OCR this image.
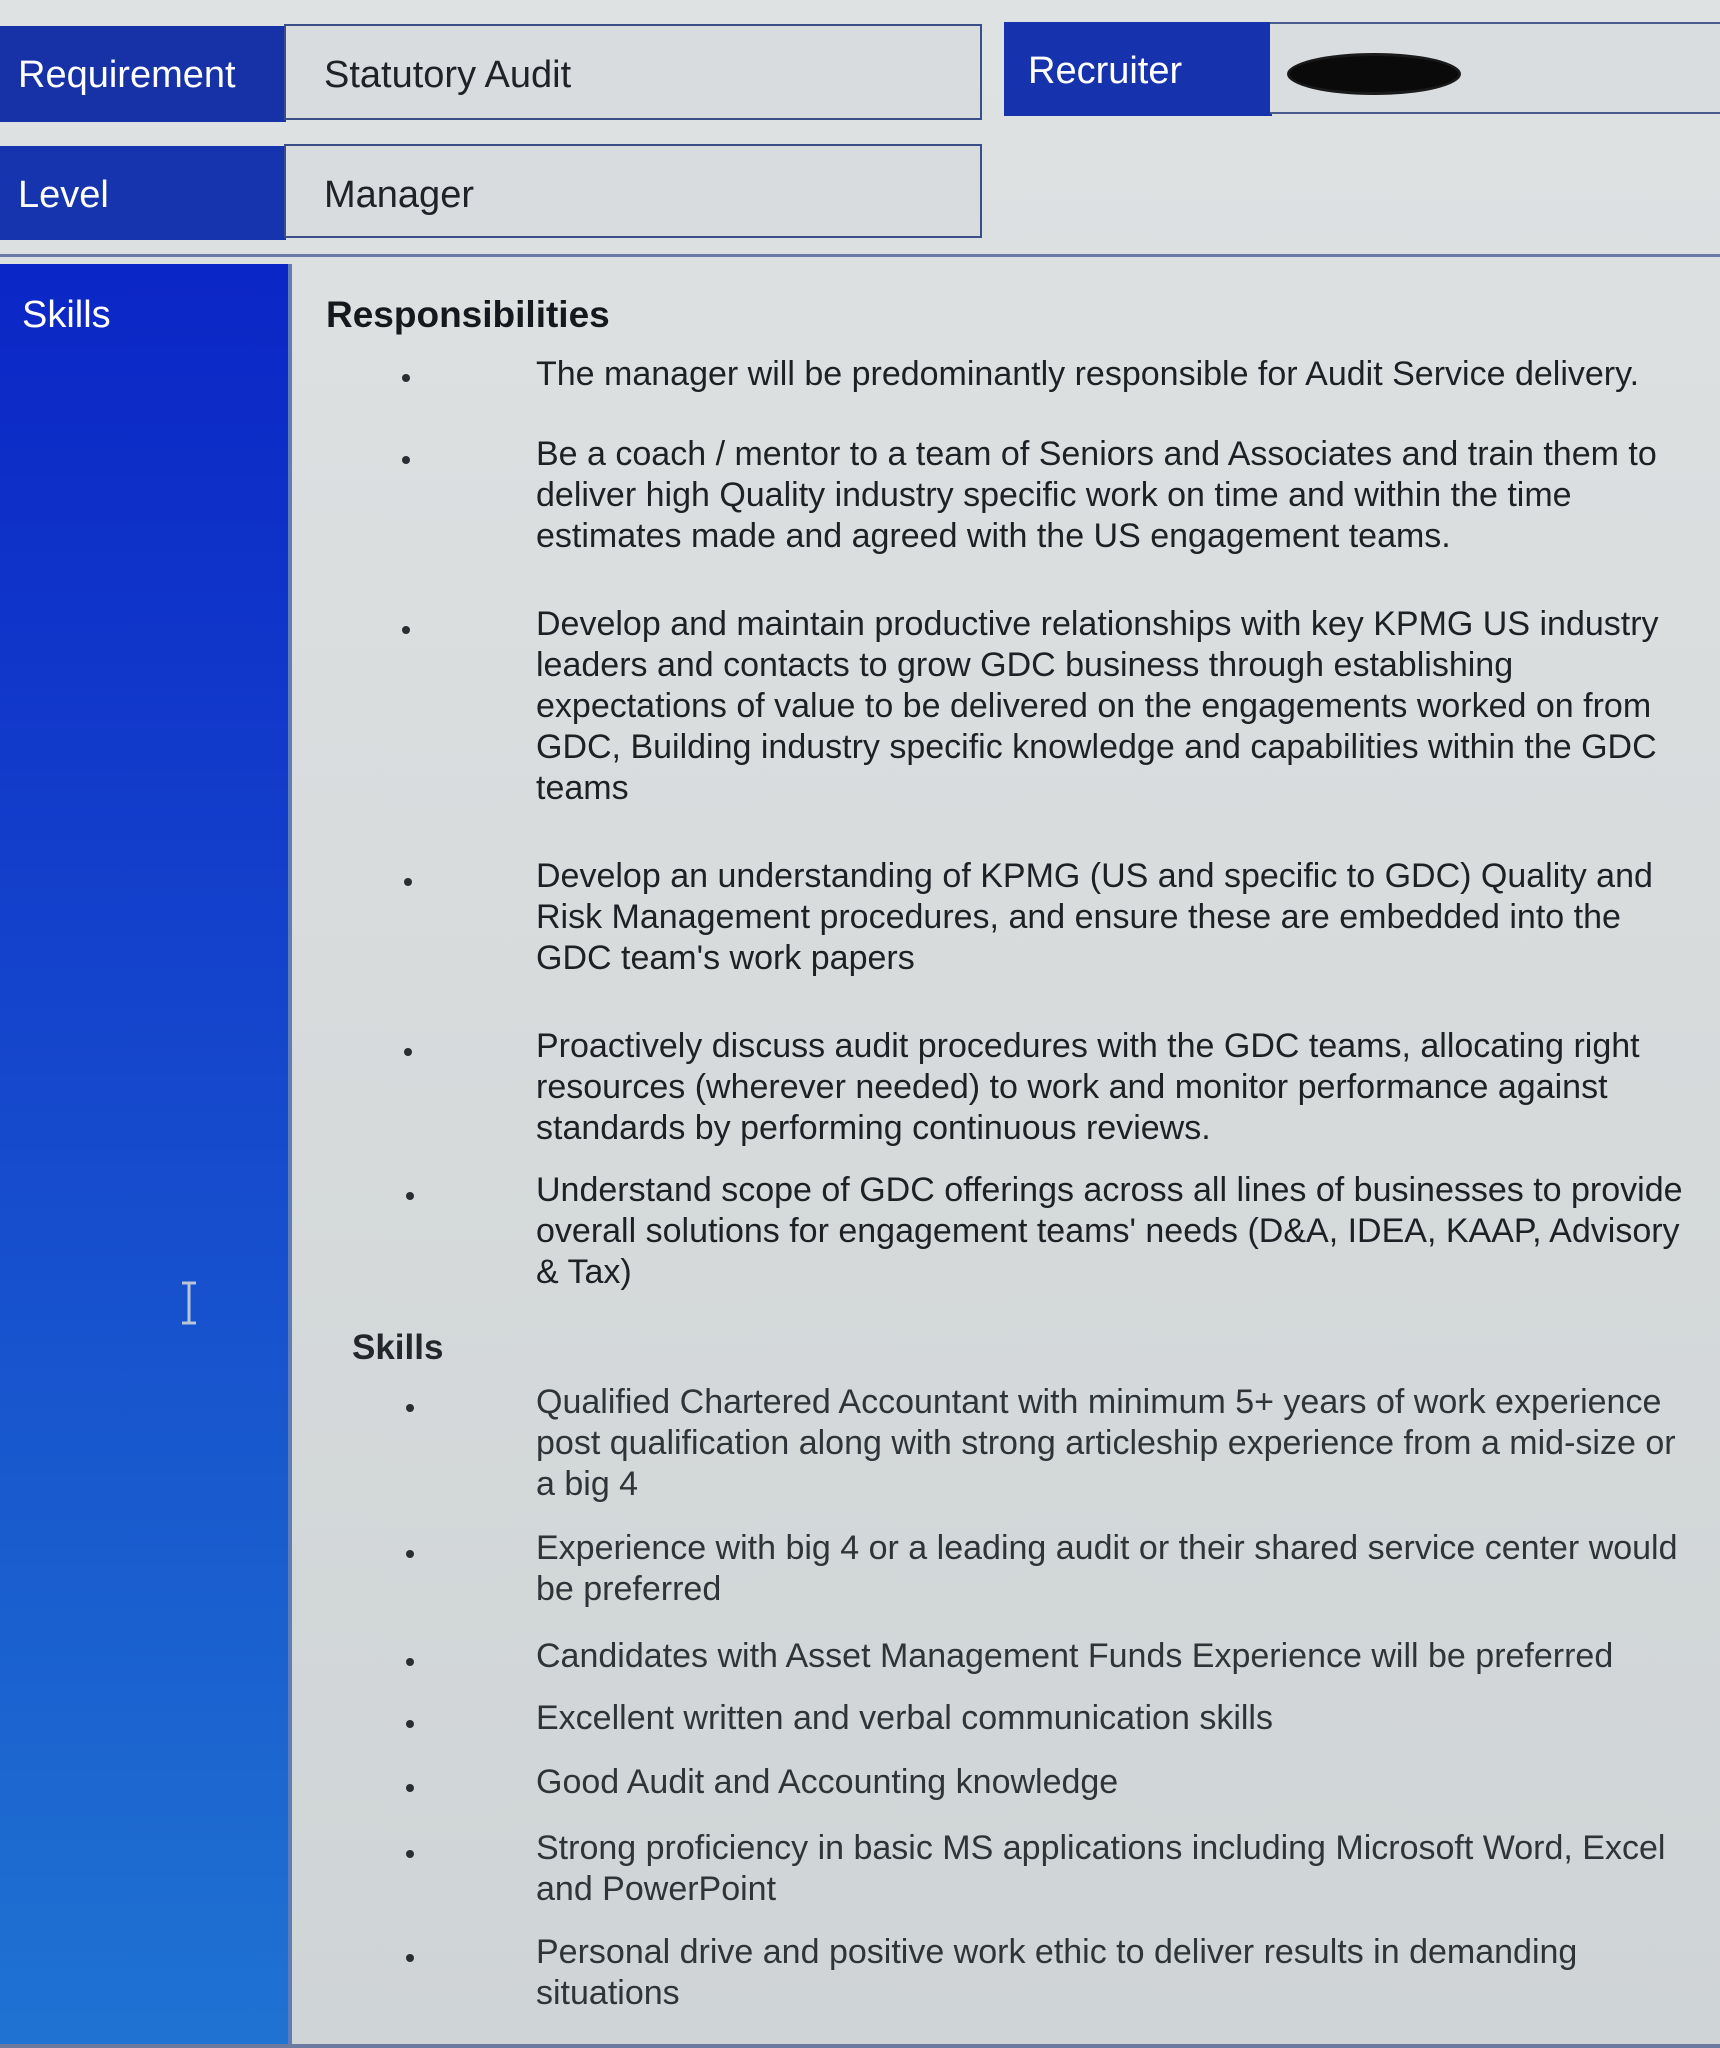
Requirement Statutory Audit	Recruiter
Level	Manager
Skills	Responsibilities
The manager will be predominantly responsible for Audit Service delivery.
Be a coach / mentor to a team of Seniors and Associates and train them to deliver high Quality industry specific work on time and within the time estimates made and agreed with the US engagement teams.
Develop and maintain productive relationships with key KPMG US industry leaders and contacts to grow GDC business through establishing expectations of value to be delivered on the engagements worked on from GDC, Building industry specific knowledge and capabilities within the GDC teams
Develop an understanding of KPMG (US and specific to GDC) Quality and Risk Management procedures, and ensure these are embedded into the GDC team's work papers
Proactively discuss audit procedures with the GDC teams, allocating right resources (wherever needed) to work and monitor performance against standards by performing continuous reviews.
Understand scope of GDC offerings across all lines of businesses to provide overall solutions for engagement teams' needs (D&A, IDEA, KAAP, Advisory & Tax)
Skills
Qualified Chartered Accountant with minimum 5+ years of work experience post qualification along with strong articleship experience from a mid-size or a big 4
Experience with big 4 or a leading audit or their shared service center would be preferred
Candidates with Asset Management Funds Experience will be preferred
Excellent written and verbal communication skills
Good Audit and Accounting knowledge
Strong proficiency in basic MS applications including Microsoft Word, Excel and PowerPoint
Personal drive and positive work ethic to deliver results in demanding situations
